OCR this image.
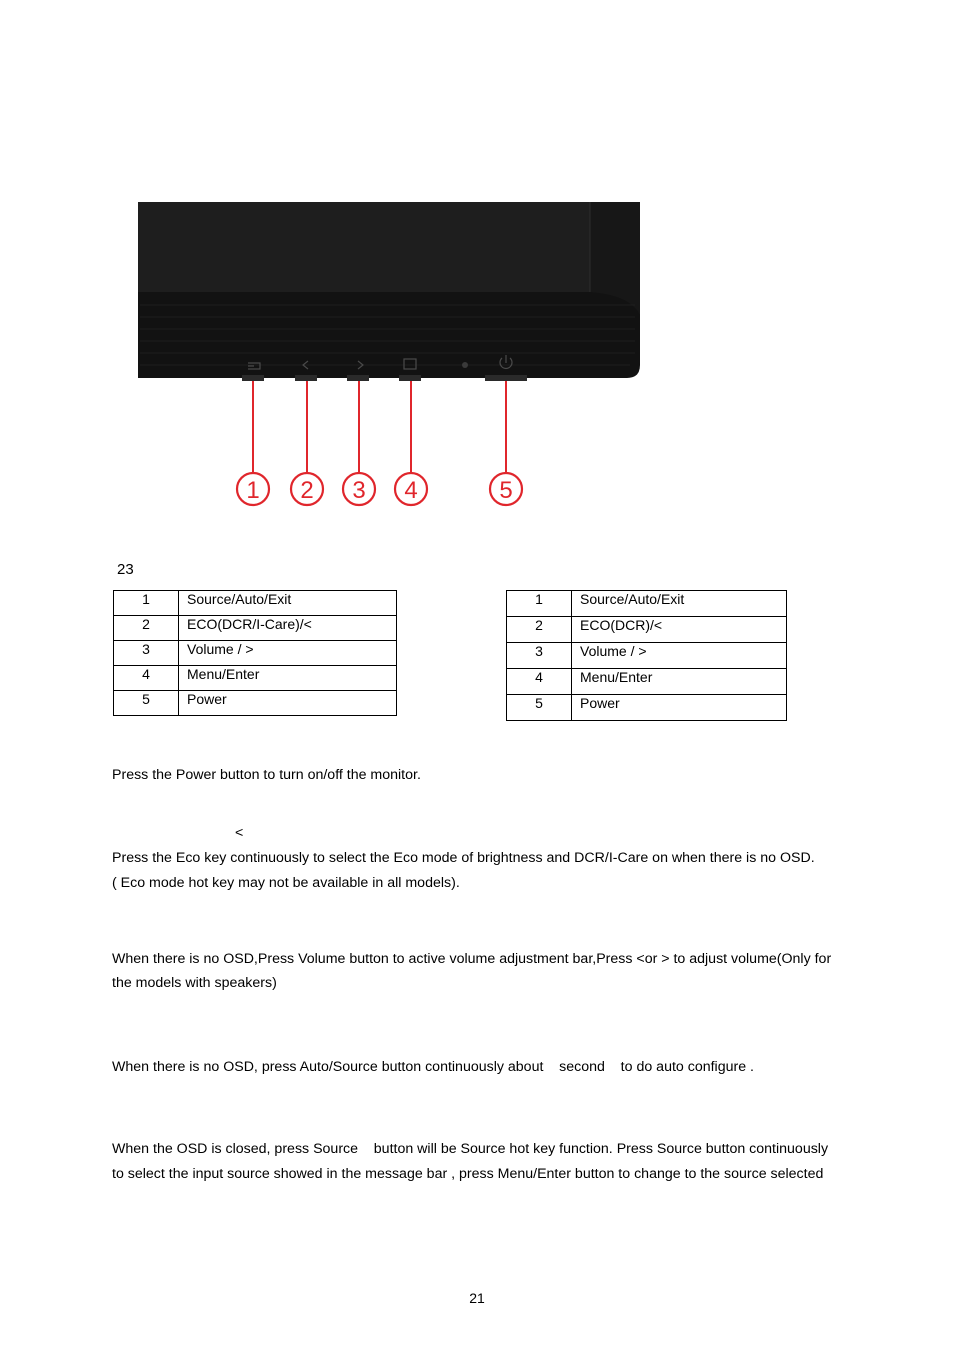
1 2 3 4	5
23
1	Source/Auto/Exit
2	ECO(DCR/I-Care)/<
3	Volume / >
4	Menu/Enter
5	Power
1	Source/Auto/Exit
2	ECO(DCR)/<
3	Volume / >
4	Menu/Enter
5	Power
Press the Power button to turn on/off the monitor.
<
Press the Eco key continuously to select the Eco mode of brightness and DCR/I-Care on when there is no OSD.
( Eco mode hot key may not be available in all models).
When there is no OSD,Press Volume button to active volume adjustment bar,Press <or > to adjust volume(Only for
the models with speakers)
When there is no OSD, press Auto/Source button continuously about    second    to do auto configure .
When the OSD is closed, press Source    button will be Source hot key function. Press Source button continuously
to select the input source showed in the message bar , press Menu/Enter button to change to the source selected
21
